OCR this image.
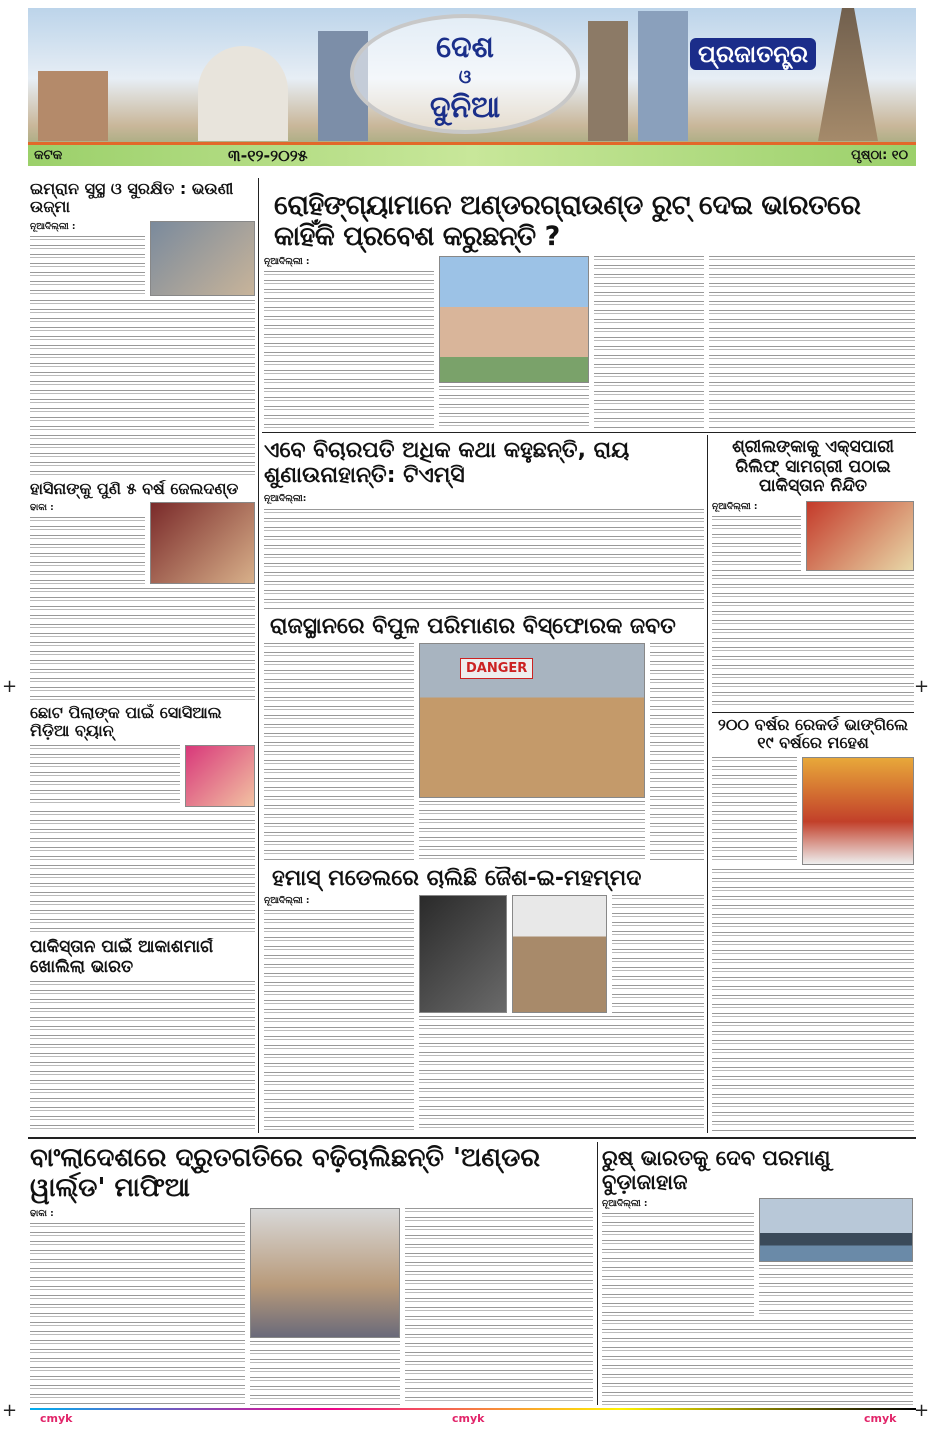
ଦେଶ
ଓ
ଦୁନିଆ
ପ୍ରଜାତନ୍ତ୍ର
କଟକ	୩-୧୨-୨୦୨୫	ପୃଷ୍ଠା: ୧୦
ଇମ୍ରାନ ସୁସ୍ଥ ଓ ସୁରକ୍ଷିତ : ଭଉଣୀ ଉଜ୍ମା
ନୂଆଦିଲ୍ଲୀ :
ରୋହିଙ୍ଗ୍ୟାମାନେ ଅଣ୍ଡରଗ୍ରାଉଣ୍ଡ ରୁଟ୍ ଦେଇ ଭାରତରେ କାହିଁକି ପ୍ରବେଶ କରୁଛନ୍ତି ?
ନୂଆଦିଲ୍ଲୀ :
ଏବେ ବିଚାରପତି ଅଧିକ କଥା କହୁଛନ୍ତି, ରାୟ ଶୁଣାଉନାହାନ୍ତି: ଟିଏମ୍‌ସି
ନୂଆଦିଲ୍ଲୀ:
ଶ୍ରୀଲଙ୍କାକୁ ଏକ୍ସପାରୀ ରିଲିଫ୍ ସାମଗ୍ରୀ ପଠାଇ ପାକିସ୍ତାନ ନିନ୍ଦିତ
ନୂଆଦିଲ୍ଲୀ :
ହାସିନାଙ୍କୁ ପୁଣି ୫ ବର୍ଷ ଜେଲଦଣ୍ଡ
ଢାକା :
ରାଜସ୍ଥାନରେ ବିପୁଳ ପରିମାଣର ବିସ୍ଫୋରକ ଜବତ
DANGER
ଛୋଟ ପିଲାଙ୍କ ପାଇଁ ସୋସିଆଲ ମିଡ଼ିଆ ବ୍ୟାନ୍	୨୦୦ ବର୍ଷର ରେକର୍ଡ ଭାଙ୍ଗିଲେ ୧୯ ବର୍ଷରେ ମହେଶ
ହମାସ୍ ମଡେଲରେ ଚାଲିଛି ଜୈଶ-ଇ-ମହମ୍ମଦ
ନୂଆଦିଲ୍ଲୀ :
ପାକିସ୍ତାନ ପାଇଁ ଆକାଶମାର୍ଗ ଖୋଲିଲା ଭାରତ
ବାଂଲାଦେଶରେ ଦ୍ରୁତଗତିରେ ବଢ଼ିଚାଲିଛନ୍ତି 'ଅଣ୍ଡର ୱାର୍ଲ୍ଡ' ମାଫିଆ
ଢାକା :
ରୁଷ୍ ଭାରତକୁ ଦେବ ପରମାଣୁ ବୁଡ଼ାଜାହାଜ
ନୂଆଦିଲ୍ଲୀ :
cmyk	cmyk	cmyk
+	+
+	+
